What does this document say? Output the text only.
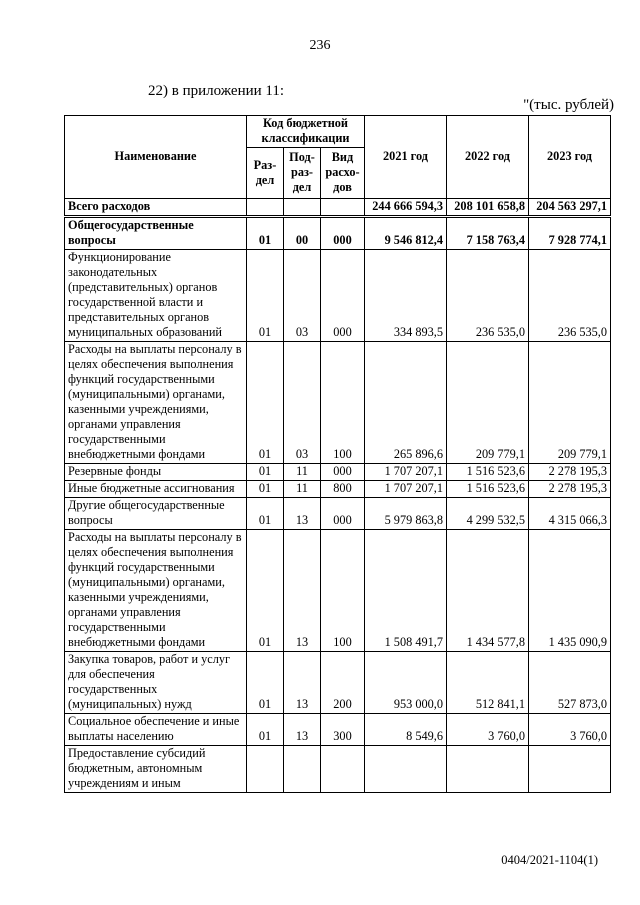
236
22) в приложении 11:
"(тыс. рублей)
Наименование	Код бюджетной классификации			2021 год	2022 год	2023 год
	Раз-дел	Под-раз-дел	Вид расхо-дов			
Всего расходов				244 666 594,3	208 101 658,8	204 563 297,1
Общегосударственные вопросы	01	00	000	9 546 812,4	7 158 763,4	7 928 774,1
Функционирование законодательных (представительных) органов государственной власти и представительных органов муниципальных образований	01	03	000	334 893,5	236 535,0	236 535,0
Расходы на выплаты персоналу в целях обеспечения выполнения функций государственными (муниципальными) органами, казенными учреждениями, органами управления государственными внебюджетными фондами	01	03	100	265 896,6	209 779,1	209 779,1
Резервные фонды	01	11	000	1 707 207,1	1 516 523,6	2 278 195,3
Иные бюджетные ассигнования	01	11	800	1 707 207,1	1 516 523,6	2 278 195,3
Другие общегосударственные вопросы	01	13	000	5 979 863,8	4 299 532,5	4 315 066,3
Расходы на выплаты персоналу в целях обеспечения выполнения функций государственными (муниципальными) органами, казенными учреждениями, органами управления государственными внебюджетными фондами	01	13	100	1 508 491,7	1 434 577,8	1 435 090,9
Закупка товаров, работ и услуг для обеспечения государственных (муниципальных) нужд	01	13	200	953 000,0	512 841,1	527 873,0
Социальное обеспечение и иные выплаты населению	01	13	300	8 549,6	3 760,0	3 760,0
Предоставление субсидий бюджетным, автономным учреждениям и иным						
0404/2021-1104(1)
